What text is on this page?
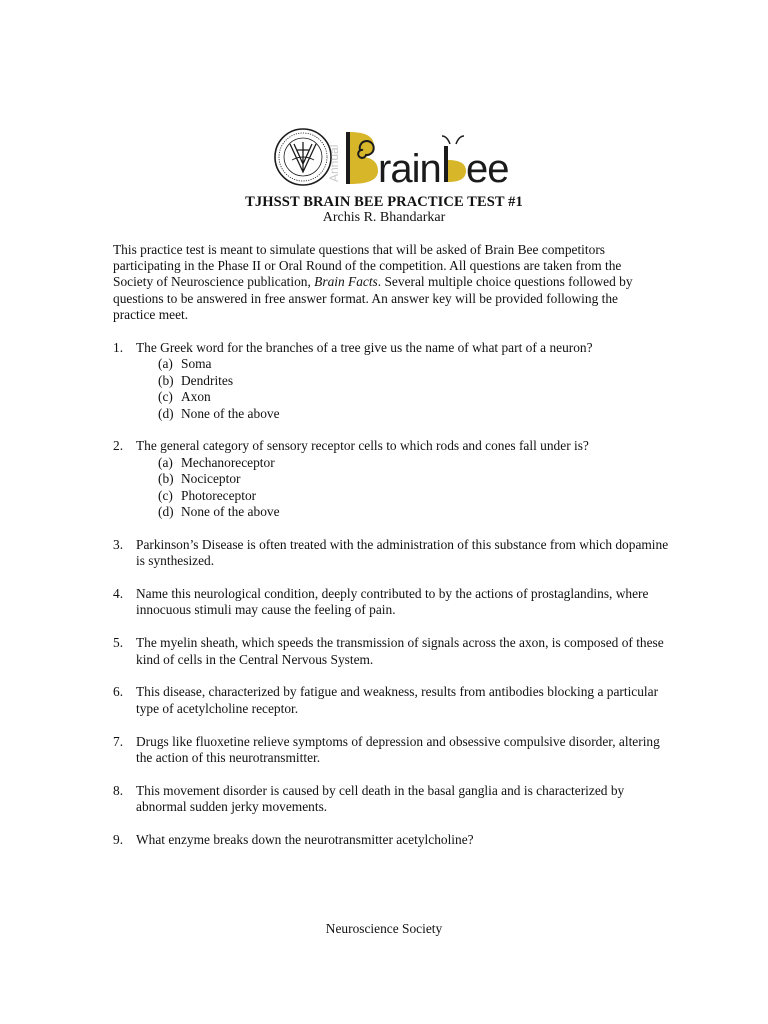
Annual rain ee
TJHSST BRAIN BEE PRACTICE TEST #1
Archis R. Bhandarkar

This practice test is meant to simulate questions that will be asked of Brain Bee competitors participating in the Phase II or Oral Round of the competition. All questions are taken from the Society of Neuroscience publication, Brain Facts. Several multiple choice questions followed by questions to be answered in free answer format. An answer key will be provided following the practice meet.

1. The Greek word for the branches of a tree give us the name of what part of a neuron?
(a) Soma
(b) Dendrites
(c) Axon
(d) None of the above
2. The general category of sensory receptor cells to which rods and cones fall under is?
(a) Mechanoreceptor
(b) Nociceptor
(c) Photoreceptor
(d) None of the above
3. Parkinson’s Disease is often treated with the administration of this substance from which dopamine is synthesized.
4. Name this neurological condition, deeply contributed to by the actions of prostaglandins, where innocuous stimuli may cause the feeling of pain.
5. The myelin sheath, which speeds the transmission of signals across the axon, is composed of these kind of cells in the Central Nervous System.
6. This disease, characterized by fatigue and weakness, results from antibodies blocking a particular type of acetylcholine receptor.
7. Drugs like fluoxetine relieve symptoms of depression and obsessive compulsive disorder, altering the action of this neurotransmitter.
8. This movement disorder is caused by cell death in the basal ganglia and is characterized by abnormal sudden jerky movements.
9. What enzyme breaks down the neurotransmitter acetylcholine?
Neuroscience Society
